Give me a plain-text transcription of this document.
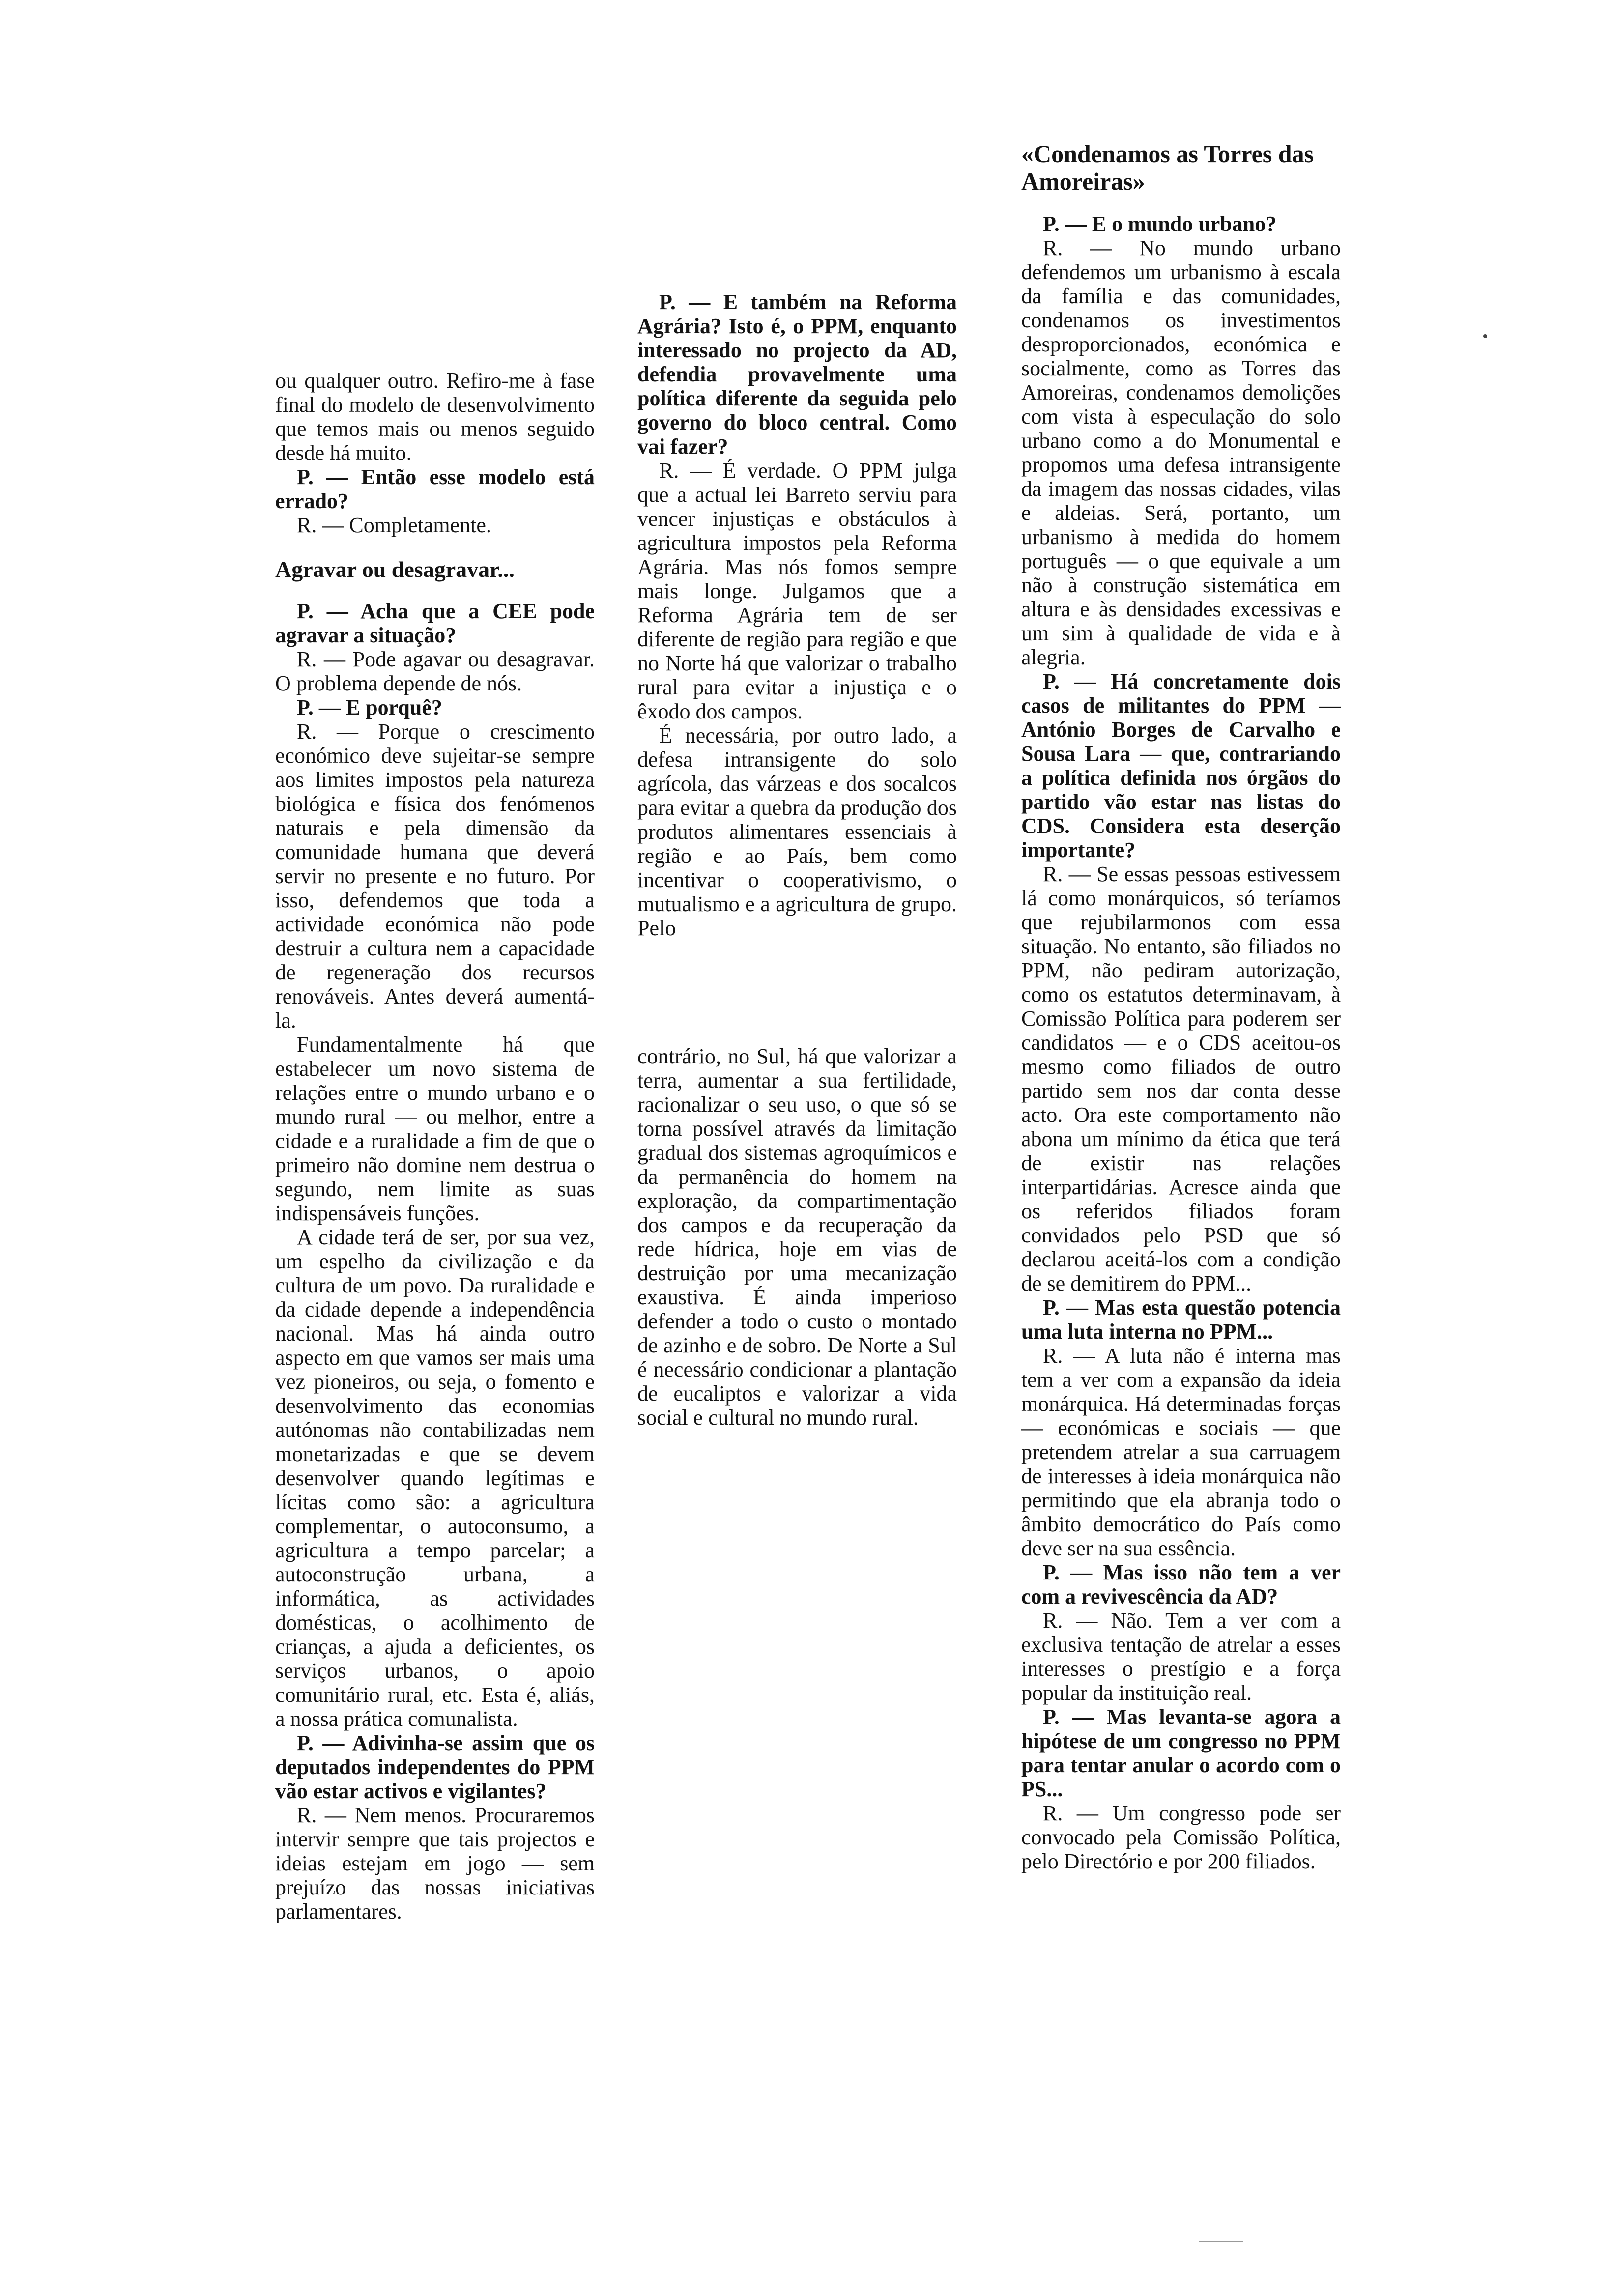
ou qualquer outro. Refiro-me à fase final do modelo de desenvolvimento que temos mais ou menos seguido desde há muito.

P. — Então esse modelo está errado?

R. — Completamente.

Agravar ou desagravar...

P. — Acha que a CEE pode agravar a situação?

R. — Pode agavar ou desagravar. O problema depende de nós.

P. — E porquê?

R. — Porque o crescimento económico deve sujeitar-se sempre aos limites impostos pela natureza biológica e física dos fenómenos naturais e pela dimensão da comunidade humana que deverá servir no presente e no futuro. Por isso, defendemos que toda a actividade económica não pode destruir a cultura nem a capacidade de regeneração dos recursos renováveis. Antes deverá aumentá-la.

Fundamentalmente há que estabelecer um novo sistema de relações entre o mundo urbano e o mundo rural — ou melhor, entre a cidade e a ruralidade a fim de que o primeiro não domine nem destrua o segundo, nem limite as suas indispensáveis funções.

A cidade terá de ser, por sua vez, um espelho da civilização e da cultura de um povo. Da ruralidade e da cidade depende a independência nacional. Mas há ainda outro aspecto em que vamos ser mais uma vez pioneiros, ou seja, o fomento e desenvolvimento das economias autónomas não contabilizadas nem monetarizadas e que se devem desenvolver quando legítimas e lícitas como são: a agricultura complementar, o autoconsumo, a agricultura a tempo parcelar; a autoconstrução urbana, a informática, as actividades domésticas, o acolhimento de crianças, a ajuda a deficientes, os serviços urbanos, o apoio comunitário rural, etc. Esta é, aliás, a nossa prática comunalista.

P. — Adivinha-se assim que os deputados independentes do PPM vão estar activos e vigilantes?

R. — Nem menos. Procuraremos intervir sempre que tais projectos e ideias estejam em jogo — sem prejuízo das nossas iniciativas parlamentares.

P. — E também na Reforma Agrária? Isto é, o PPM, enquanto interessado no projecto da AD, defendia provavelmente uma política diferente da seguida pelo governo do bloco central. Como vai fazer?

R. — É verdade. O PPM julga que a actual lei Barreto serviu para vencer injustiças e obstáculos à agricultura impostos pela Reforma Agrária. Mas nós fomos sempre mais longe. Julgamos que a Reforma Agrária tem de ser diferente de região para região e que no Norte há que valorizar o trabalho rural para evitar a injustiça e o êxodo dos campos.

É necessária, por outro lado, a defesa intransigente do solo agrícola, das várzeas e dos socalcos para evitar a quebra da produção dos produtos alimentares essenciais à região e ao País, bem como incentivar o cooperativismo, o mutualismo e a agricultura de grupo. Pelo

contrário, no Sul, há que valorizar a terra, aumentar a sua fertilidade, racionalizar o seu uso, o que só se torna possível através da limitação gradual dos sistemas agroquímicos e da permanência do homem na exploração, da compartimentação dos campos e da recuperação da rede hídrica, hoje em vias de destruição por uma mecanização exaustiva. É ainda imperioso defender a todo o custo o montado de azinho e de sobro. De Norte a Sul é necessário condicionar a plantação de eucaliptos e valorizar a vida social e cultural no mundo rural.

«Condenamos as Torres das Amoreiras»

P. — E o mundo urbano?

R. — No mundo urbano defendemos um urbanismo à escala da família e das comunidades, condenamos os investimentos desproporcionados, económica e socialmente, como as Torres das Amoreiras, condenamos demolições com vista à especulação do solo urbano como a do Monumental e propomos uma defesa intransigente da imagem das nossas cidades, vilas e aldeias. Será, portanto, um urbanismo à medida do homem português — o que equivale a um não à construção sistemática em altura e às densidades excessivas e um sim à qualidade de vida e à alegria.

P. — Há concretamente dois casos de militantes do PPM — António Borges de Carvalho e Sousa Lara — que, contrariando a política definida nos órgãos do partido vão estar nas listas do CDS. Considera esta deserção importante?

R. — Se essas pessoas estivessem lá como monárquicos, só teríamos que rejubilarmonos com essa situação. No entanto, são filiados no PPM, não pediram autorização, como os estatutos determinavam, à Comissão Política para poderem ser candidatos — e o CDS aceitou-os mesmo como filiados de outro partido sem nos dar conta desse acto. Ora este comportamento não abona um mínimo da ética que terá de existir nas relações interpartidárias. Acresce ainda que os referidos filiados foram convidados pelo PSD que só declarou aceitá-los com a condição de se demitirem do PPM...

P. — Mas esta questão potencia uma luta interna no PPM...

R. — A luta não é interna mas tem a ver com a expansão da ideia monárquica. Há determinadas forças — económicas e sociais — que pretendem atrelar a sua carruagem de interesses à ideia monárquica não permitindo que ela abranja todo o âmbito democrático do País como deve ser na sua essência.

P. — Mas isso não tem a ver com a revivescência da AD?

R. — Não. Tem a ver com a exclusiva tentação de atrelar a esses interesses o prestígio e a força popular da instituição real.

P. — Mas levanta-se agora a hipótese de um congresso no PPM para tentar anular o acordo com o PS...

R. — Um congresso pode ser convocado pela Comissão Política, pelo Directório e por 200 filiados.
